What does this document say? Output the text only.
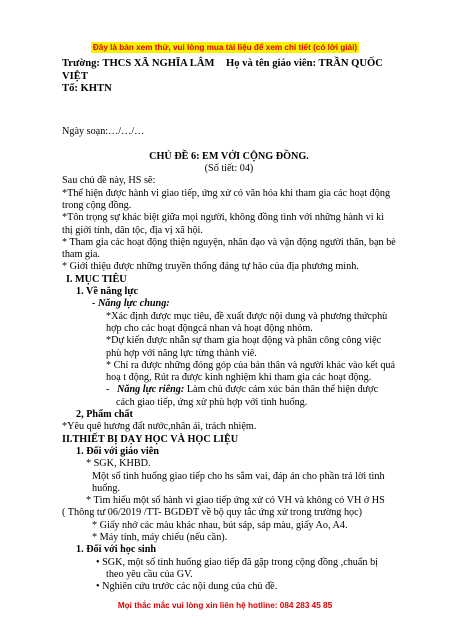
Đây là bản xem thử, vui lòng mua tài liệu để xem chi tiết (có lời giải)
Trường: THCS XÃ NGHĨA LÂM	Họ và tên giáo viên: TRẦN QUỐC
VIỆT
Tổ: KHTN
Ngày soạn:…/…/…
CHỦ ĐỀ 6: EM VỚI CỘNG ĐỒNG.
(Số tiết: 04)
Sau chủ đề này, HS sẽ:
*Thể hiện được hành vi giao tiếp, ứng xử có văn hóa khi tham gia các hoạt động trong cộng đồng.
*Tôn trọng sự khác biệt giữa mọi người, không đồng tình với những hành vi kì thị giới tính, dân tộc, địa vị xã hội.
* Tham gia các hoạt động thiện nguyện, nhân đạo và vận động người thân, bạn bè tham gia.
* Giới thiệu được những truyền thống đáng tự hào của địa phương mình.
I. MỤC TIÊU
1. Về năng lực
- Năng lực chung:
*Xác định được mục tiêu, đề xuất được nội dung và phương thứcphù hợp cho các hoạt độngcá nhan và hoạt động nhóm.
*Dự kiến được nhẫn sự tham gia hoạt động và phân công công việc phù hợp với năng lực từng thành viê.
* Chỉ ra được những đóng góp của bản thân và người khác vào kết quả hoạ t động, Rút ra được kinh nghiệm khi tham gia các hoạt động.
-   Năng lực riêng: Làm chủ được cảm xúc bản thân thể hiện được cách giao tiếp, ứng xử phù hợp với tình huống.
2, Phẩm chất
*Yêu quê hương đất nước,nhân ái, trách nhiệm.
II.THIẾT BỊ DẠY HỌC VÀ HỌC LIỆU
1. Đối với giáo viên
* SGK, KHBD.
Một số tình huống giao tiếp cho hs sắm vai, đáp án cho phần trả lời tình huống.
* Tìm hiểu một số hành vi giao tiếp ứng xử có VH và không có VH ở HS
( Thông tư 06/2019 /TT- BGDĐT về bộ quy tắc ứng xử trong trường học)
* Giấy nhớ các màu khác nhau, bút sáp, sáp màu, giấy Ao, A4.
* Máy tính, máy chiếu (nếu cần).
1. Đối với học sinh
• SGK, một số tình huống giao tiếp đã gặp trong cộng đồng ,chuẩn bị theo yêu cầu của GV.
• Nghiên cứu trước các nội dung của chủ đề.
Mọi thắc mắc vui lòng xin liên hệ hotline: 084 283 45 85
